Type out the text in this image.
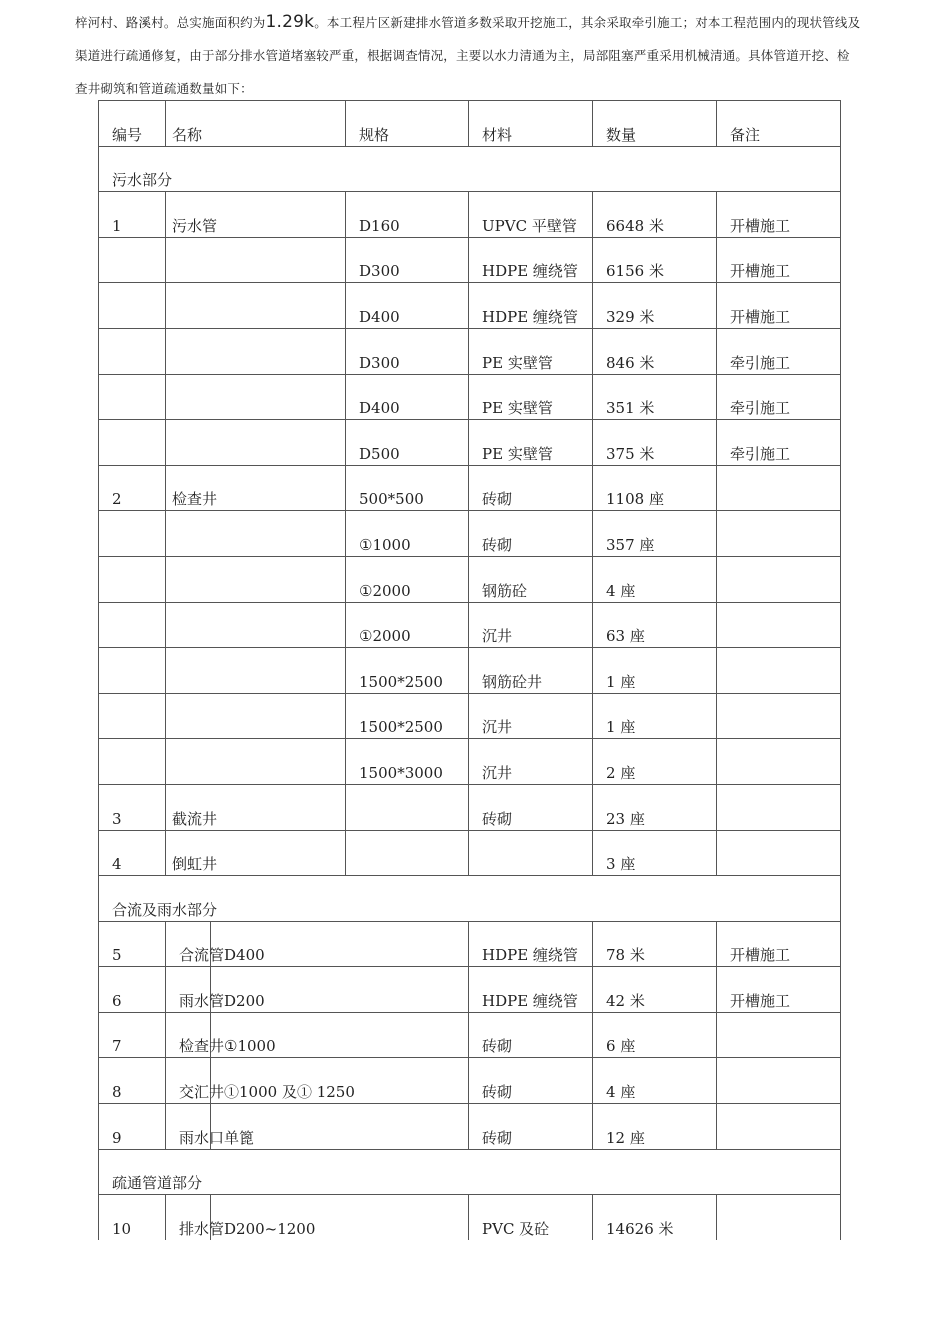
梓河村、路溪村。总实施面积约为1.29k。本工程片区新建排水管道多数采取开挖施工，其余采取牵引施工；对本工程范围内的现状管线及
渠道进行疏通修复，由于部分排水管道堵塞较严重，根据调查情况，主要以水力清通为主，局部阻塞严重采用机械清通。具体管道开挖、检
查井砌筑和管道疏通数量如下：
编号	名称		规格	材料	数量	备注

污水部分						

1	污水管		D160	UPVC 平壁管	6648 米	开槽施工

			D300	HDPE 缠绕管	6156 米	开槽施工

			D400	HDPE 缠绕管	329 米	开槽施工

			D300	PE 实壁管	846 米	牵引施工

			D400	PE 实壁管	351 米	牵引施工

			D500	PE 实壁管	375 米	牵引施工

2	检查井		500*500	砖砌	1108 座	

			①1000	砖砌	357 座	

			①2000	钢筋砼	4 座	

			①2000	沉井	63 座	

			1500*2500	钢筋砼井	1 座	

			1500*2500	沉井	1 座	

			1500*3000	沉井	2 座	

3	截流井			砖砌	23 座	

4	倒虹井				3 座	

合流及雨水部分						

5	合流管	D400		HDPE 缠绕管	78 米	开槽施工

6	雨水管	D200		HDPE 缠绕管	42 米	开槽施工

7	检查井	①1000		砖砌	6 座	

8	交汇井	①1000 及① 1250		砖砌	4 座	

9	雨水口	单篦		砖砌	12 座	

疏通管道部分						

10	排水管	D200~1200		PVC 及砼	14626 米	
